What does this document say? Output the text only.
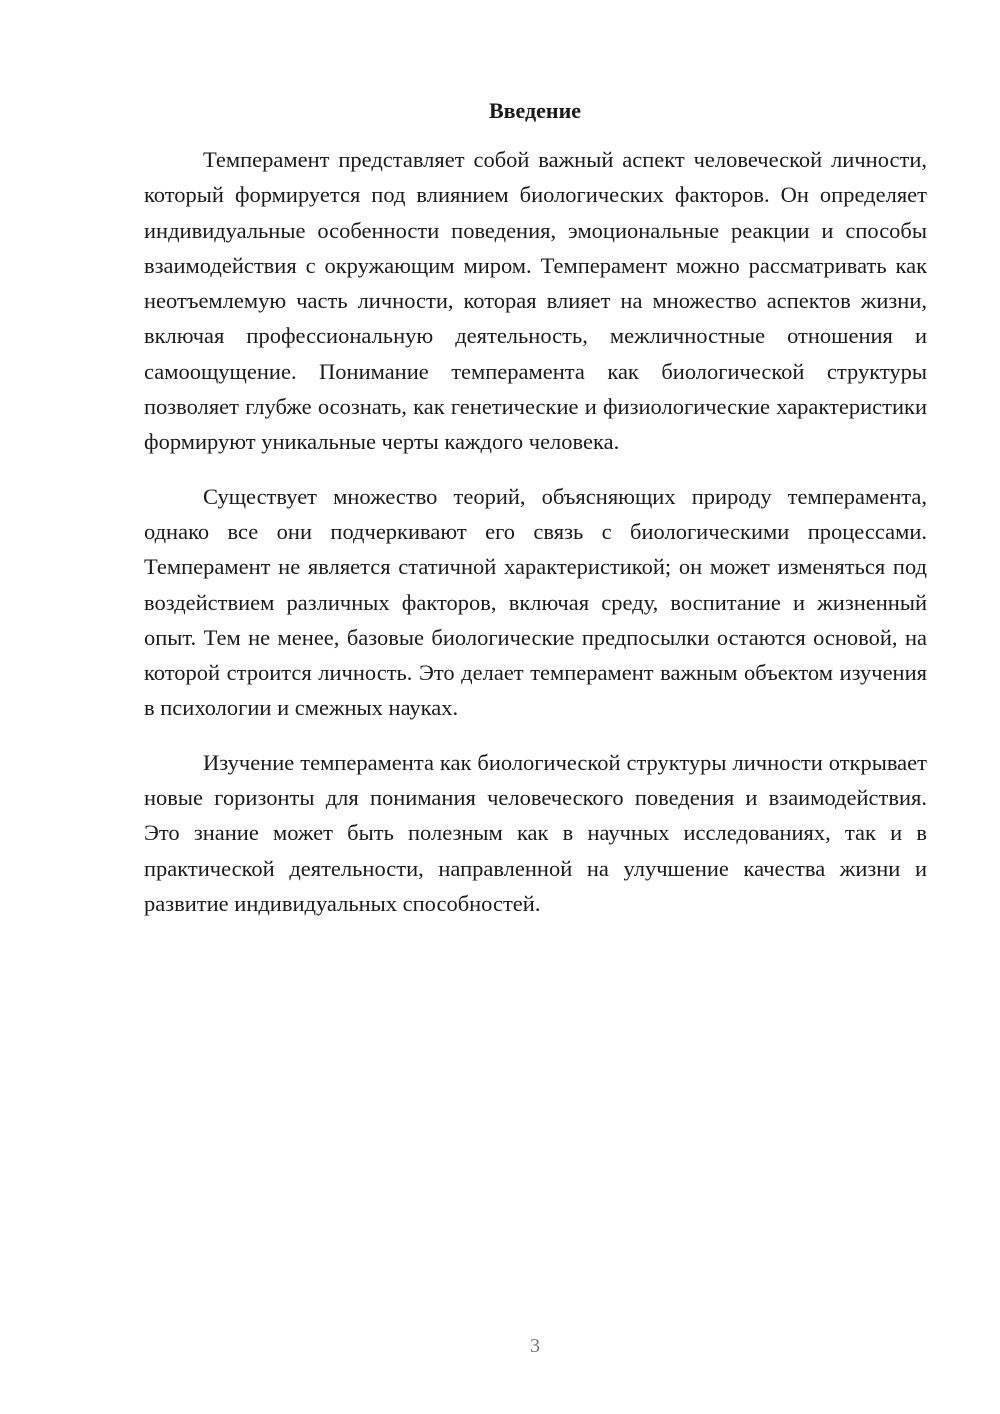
Введение

Темперамент представляет собой важный аспект человеческой личности, который формируется под влиянием биологических факторов. Он определяет индивидуальные особенности поведения, эмоциональные реакции и способы взаимодействия с окружающим миром. Темперамент можно рассматривать как неотъемлемую часть личности, которая влияет на множество аспектов жизни, включая профессиональную деятельность, межличностные отношения и самоощущение. Понимание темперамента как биологической структуры позволяет глубже осознать, как генетические и физиологические характеристики формируют уникальные черты каждого человека.

Существует множество теорий, объясняющих природу темперамента, однако все они подчеркивают его связь с биологическими процессами. Темперамент не является статичной характеристикой; он может изменяться под воздействием различных факторов, включая среду, воспитание и жизненный опыт. Тем не менее, базовые биологические предпосылки остаются основой, на которой строится личность. Это делает темперамент важным объектом изучения в психологии и смежных науках.

Изучение темперамента как биологической структуры личности открывает новые горизонты для понимания человеческого поведения и взаимодействия. Это знание может быть полезным как в научных исследованиях, так и в практической деятельности, направленной на улучшение качества жизни и развитие индивидуальных способностей.

3
